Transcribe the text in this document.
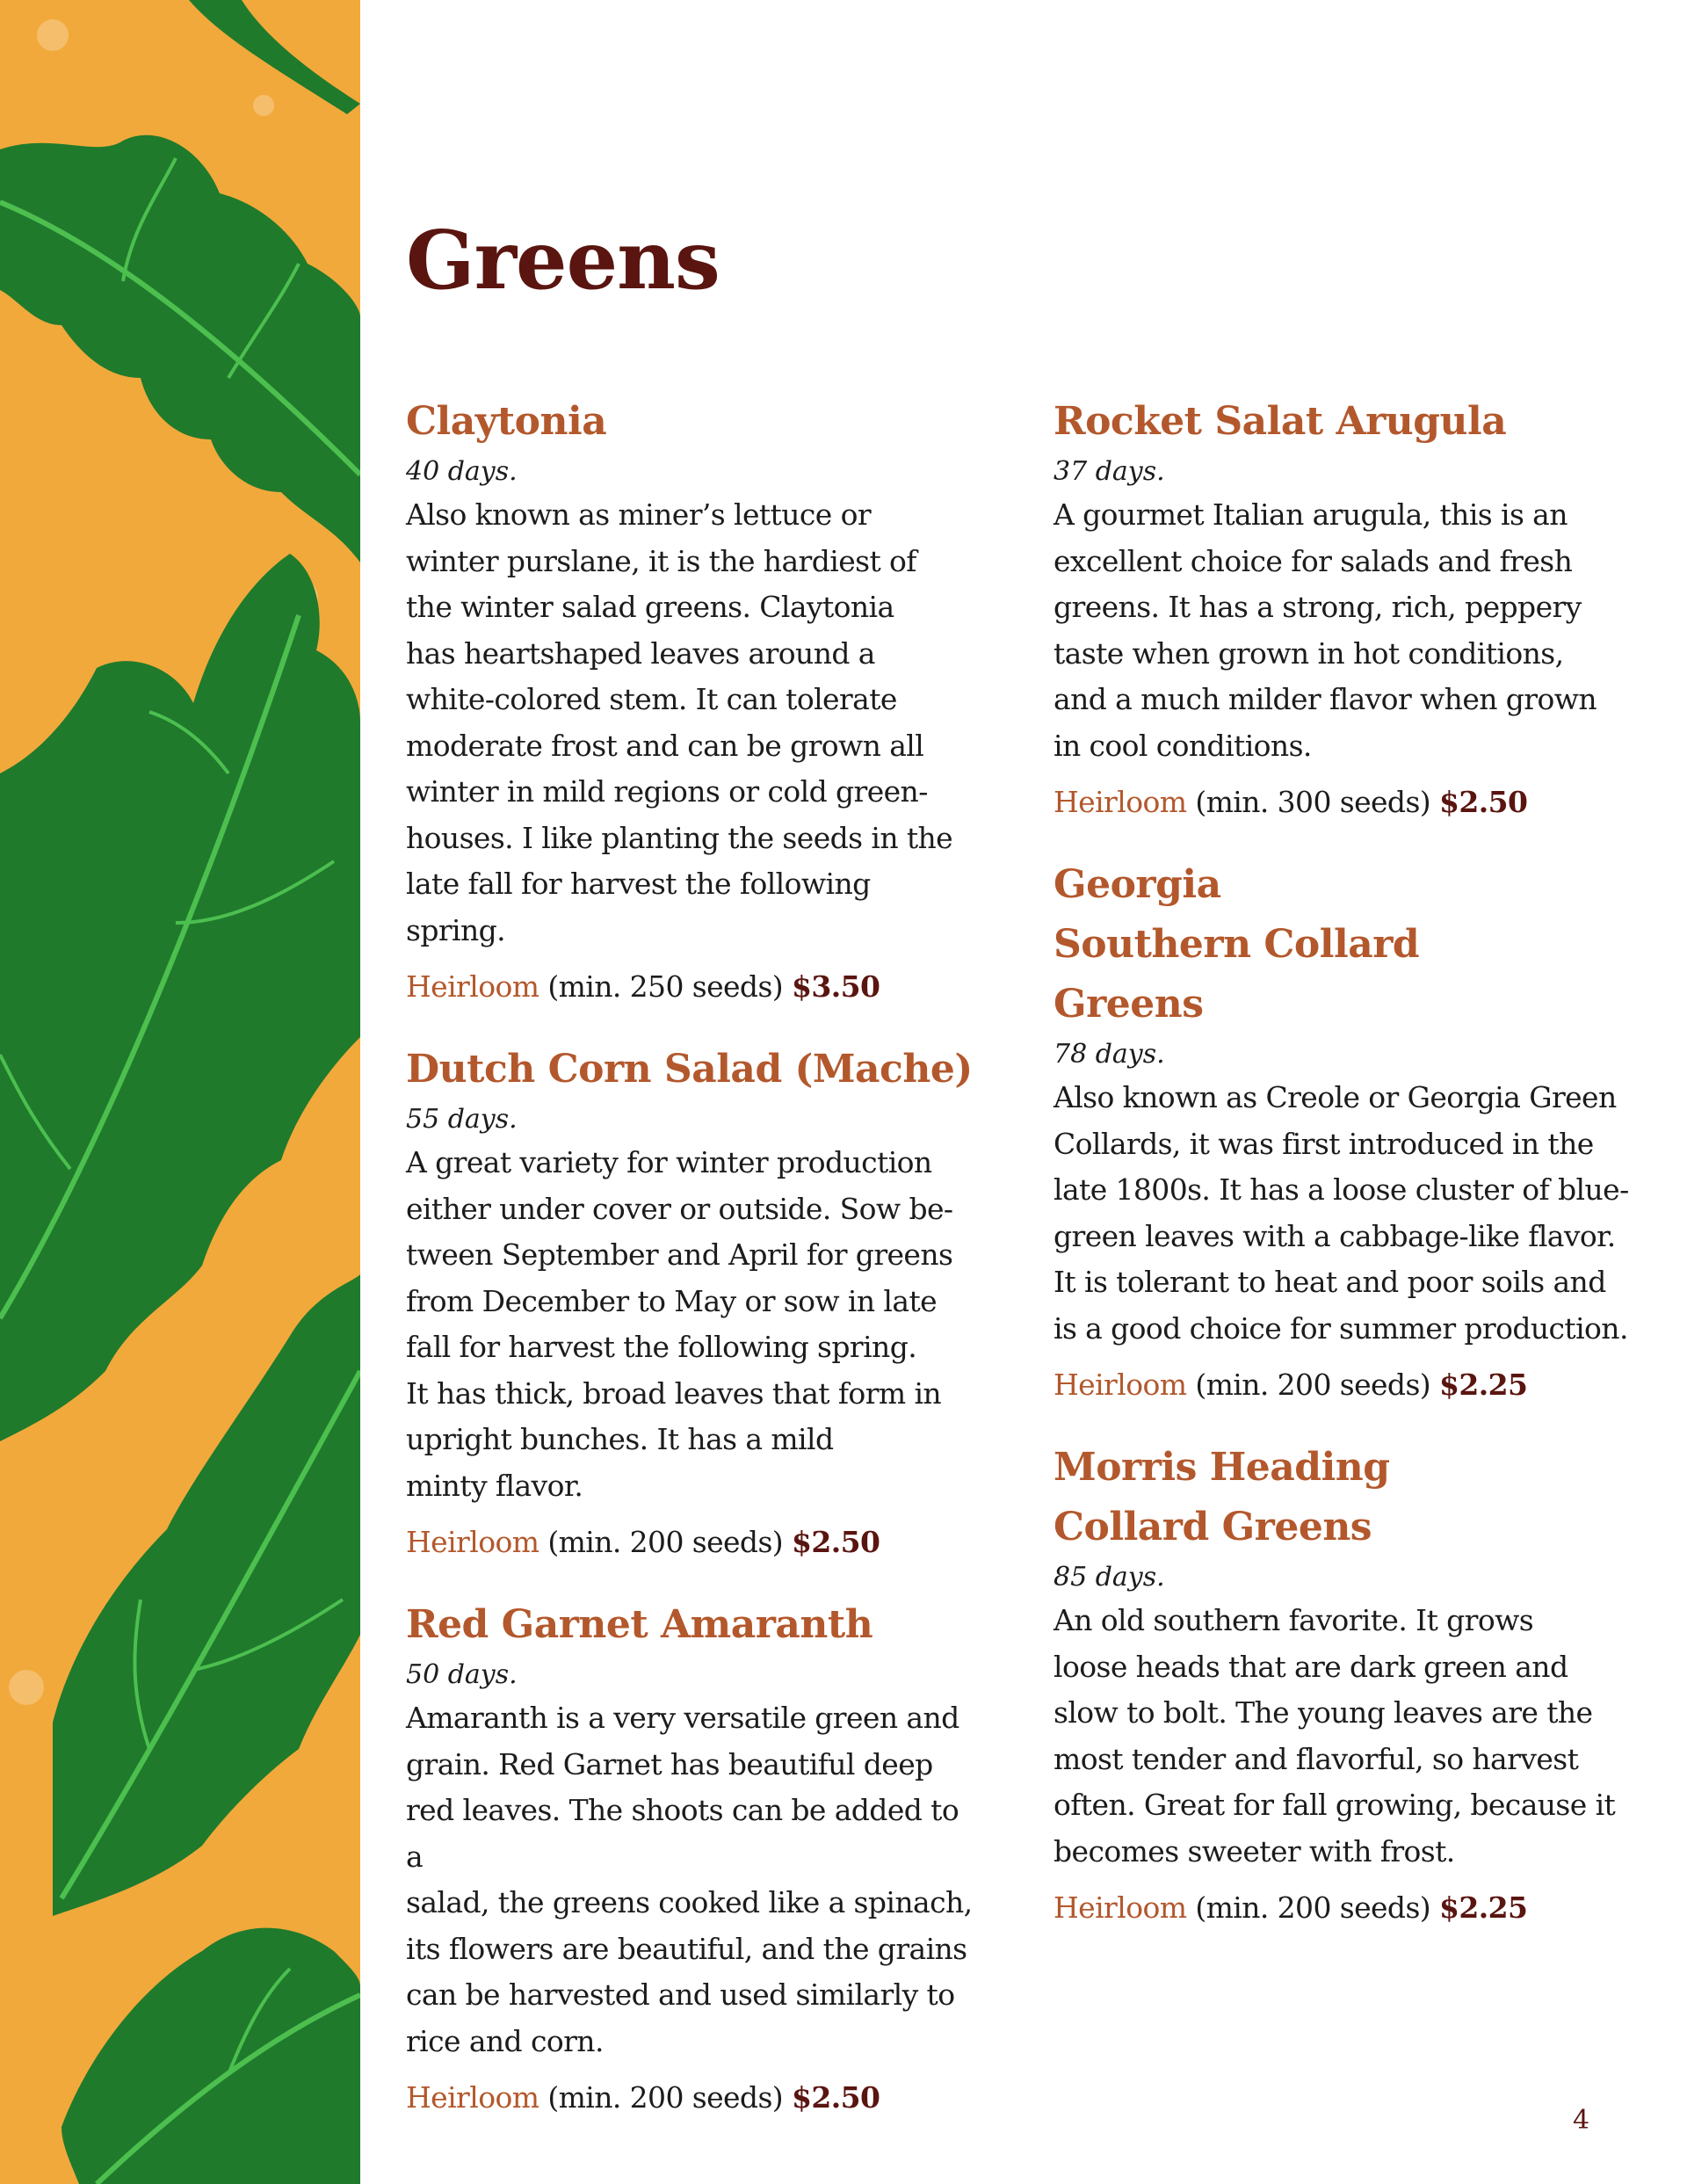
Greens
Claytonia

40 days.

Also known as miner’s lettuce or
winter purslane, it is the hardiest of
the winter salad greens. Claytonia
has heartshaped leaves around a
white-colored stem. It can tolerate
moderate frost and can be grown all
winter in mild regions or cold green-
houses. I like planting the seeds in the
late fall for harvest the following spring.

Heirloom (min. 250 seeds) $3.50

Dutch Corn Salad (Mache)

55 days.

A great variety for winter production
either under cover or outside. Sow be-
tween September and April for greens
from December to May or sow in late
fall for harvest the following spring.
It has thick, broad leaves that form in
upright bunches. It has a mild
minty flavor.

Heirloom (min. 200 seeds) $2.50

Red Garnet Amaranth

50 days.

Amaranth is a very versatile green and
grain. Red Garnet has beautiful deep
red leaves. The shoots can be added to a
salad, the greens cooked like a spinach,
its flowers are beautiful, and the grains
can be harvested and used similarly to
rice and corn.

Heirloom (min. 200 seeds) $2.50

Rocket Salat Arugula

37 days.

A gourmet Italian arugula, this is an
excellent choice for salads and fresh
greens. It has a strong, rich, peppery
taste when grown in hot conditions,
and a much milder flavor when grown
in cool conditions.

Heirloom (min. 300 seeds) $2.50

Georgia Southern Collard Greens

78 days.

Also known as Creole or Georgia Green
Collards, it was first introduced in the
late 1800s. It has a loose cluster of blue-
green leaves with a cabbage-like flavor.
It is tolerant to heat and poor soils and
is a good choice for summer production.

Heirloom (min. 200 seeds) $2.25

Morris Heading Collard Greens

85 days.

An old southern favorite. It grows
loose heads that are dark green and
slow to bolt. The young leaves are the
most tender and flavorful, so harvest
often. Great for fall growing, because it
becomes sweeter with frost.

Heirloom (min. 200 seeds) $2.25

4
